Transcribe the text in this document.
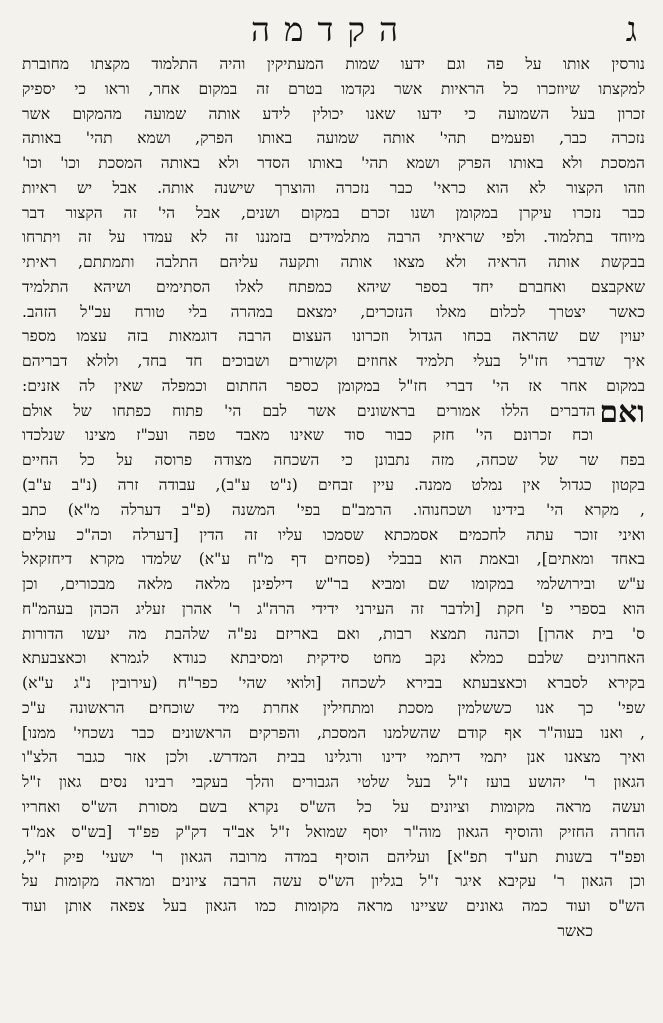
הקדמה	ג
נורסין אותו על פה וגם ידעו שמות המעתיקין והיה התלמוד מקצתו מחוברת
למקצתו שיוזכרו כל הראיות אשר נקדמו בטרם זה במקום אחר, וראו כי יספיק
זכרון בעל השמועה כי ידעו שאנו יכולין לידע אותה שמועה מהמקום אשר
נזכרה כבר, ופעמים תהי' אותה שמועה באותו הפרק, ושמא תהי' באותה
המסכת ולא באותו הפרק ושמא תהי' באותו הסדר ולא באותה המסכת וכו' וכו'
וזהו הקצור לא הוא כראי' כבר נזכרה והוצרך שישנה אותה. אבל יש ראיות
כבר נזכרו עיקרן במקומן ושנו זכרם במקום ושנים, אבל הי' זה הקצור דבר
מיוחד בתלמוד. ולפי שראיתי הרבה מתלמידים בזמננו זה לא עמדו על זה ויתרחו
בבקשת אותה הראיה ולא מצאו אותה ותקעה עליהם התלבה ותמתתם, ראיתי
שאקבצם ואחברם יחד בספר שיהא כמפתח לאלו הסתימים ושיהא התלמיד
כאשר יצטרך לכלום מאלו הנזכרים, ימצאם במהרה בלי טורח עכ"ל הזהב.
יעוין שם שהראה בכחו הגדול וזכרונו העצום הרבה דוגמאות בזה עצמו מספר
איך שדברי חז"ל בעלי תלמיד אחוזים וקשורים ושבוכים חד בחד, ולולא דבריהם
במקום אחר אז הי' דברי חז"ל במקומן כספר החתום וכמפלה שאין לה אזנים:
ואםהדברים הללו אמורים בראשונים אשר לבם הי' פתוח כפתחו של אולם
וכח זכרונם הי' חזק כבור סוד שאינו מאבד טפה ועכ"ז מצינו שנלכדו
בפח שר של שכחה, מזה נתבונן כי השכחה מצודה פרוסה על כל החיים
בקטון כגדול אין נמלט ממנה. עיין זבחים (נ"ט ע"ב), עבודה זרה (נ"ב ע"ב)
, מקרא הי' בידינו ושכחנוהו. הרמב"ם בפי' המשנה (פ"ב דערלה מ"א) כתב
ואיני זוכר עתה לחכמים אסמכתא שסמכו עליו זה הדין [דערלה וכה"כ עולים
באחד ומאתים], ובאמת הוא בבבלי (פסחים דף מ"ח ע"א) שלמדו מקרא דיחזקאל
ע"ש ובירושלמי במקומו שם ומביא בר"ש דילפינן מלאה מלאה מבכורים, וכן
הוא בספרי פ' חקת [ולדבר זה העירני ידידי הרה"ג ר' אהרן זעליג הכהן בעהמ"ח
ס' בית אהרן] וכהנה תמצא רבות, ואם באריזם נפ"ה שלהבת מה יעשו הדורות
האחרונים שלבם כמלא נקב מחט סידקית ומסיבתא כנודא לגמרא וכאצבעתא
בקירא לסברא וכאצבעתא בבירא לשכחה [ולואי שהי' כפר"ח (עירובין נ"ג ע"א)
שפי' כך אנו כששלמין מסכת ומתחילין אחרת מיד שוכחים הראשונה ע"כ
, ואנו בעוה"ר אף קודם שהשלמנו המסכת, והפרקים הראשונים כבר נשכחי' ממנו]
ואיך מצאנו אנן יתמי דיתמי ידינו ורגלינו בבית המדרש. ולכן אזר כגבר הלצ"ו
הגאון ר' יהושע בועז ז"ל בעל שלטי הגבורים והלך בעקבי רבינו נסים גאון ז"ל
ועשה מראה מקומות וציונים על כל הש"ס נקרא בשם מסורת הש"ס ואחריו
החרה החזיק והוסיף הגאון מוה"ר יוסף שמואל ז"ל אב"ד דק"ק פפ"ד [בש"ס אמ"ד
ופפ"ד בשנות תע"ד תפ"א] ועליהם הוסיף במדה מרובה הגאון ר' ישעי' פיק ז"ל,
וכן הגאון ר' עקיבא איגר ז"ל בגליון הש"ס עשה הרבה ציונים ומראה מקומות על
הש"ס ועוד כמה גאונים שציינו מראה מקומות כמו הגאון בעל צפאה אותן ועוד
כאשר
